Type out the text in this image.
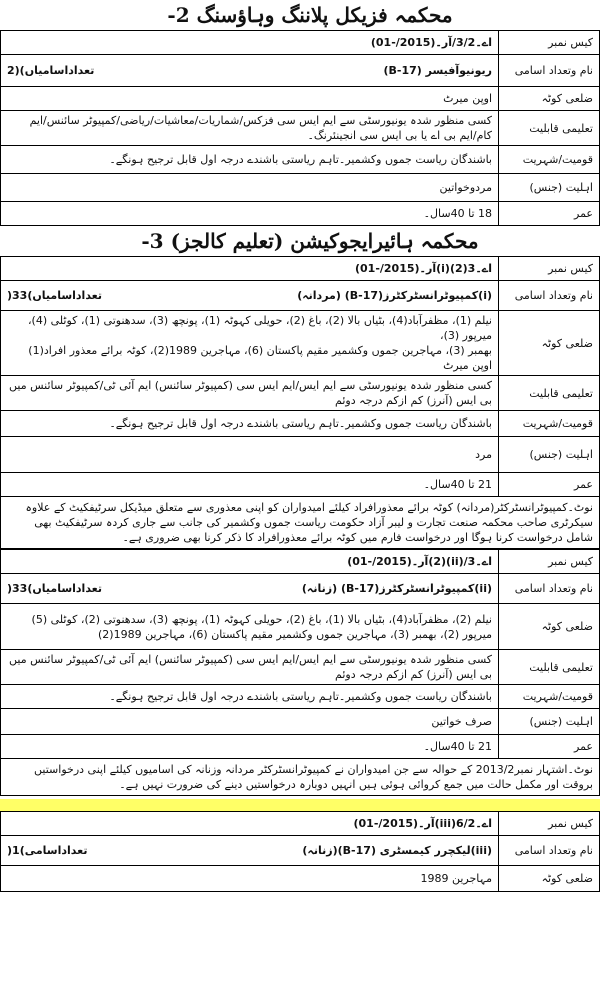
محکمہ فزیکل پلاننگ وہاؤسنگ -2
کیس نمبر	اے۔3/2/آر۔(2015/-01)
نام وتعداد اسامی	ریونیوآفیسر (B-17)
تعداداسامیاں)(2

ضلعی کوٹہ	اوپن میرٹ
تعلیمی قابلیت	کسی منظور شدہ یونیورسٹی سے ایم ایس سی فزکس/شماریات/معاشیات/ریاضی/کمپیوٹر سائنس/ایم کام/ایم بی اے یا بی ایس سی انجینئرنگ۔
قومیت/شہریت	باشندگان ریاست جموں وکشمیر۔تاہم ریاستی باشندے درجہ اول قابل ترجیح ہونگے۔
اہلیت (جنس)	مردوخواتین
عمر	18 تا 40سال۔
محکمہ ہائیرایجوکیشن (تعلیم کالجز) -3
کیس نمبر	اے۔3(2)(i)آر۔(2015/-01)
نام وتعداد اسامی	(i)کمپیوٹرانسٹرکٹرز(B-17) (مردانہ)
تعداداسامیاں)33(

ضلعی کوٹہ	نیلم (1)، مظفرآباد(4)، بٹیاں بالا (2)، باغ (2)، حویلی کہوٹہ (1)، پونچھ (3)، سدھنوتی (1)، کوٹلی (4)، میرپور (3)،
بھمبر (3)، مہاجرین جموں وکشمیر مقیم پاکستان (6)، مہاجرین 1989(2)، کوٹہ برائے معذور افراد(1) اوپن میرٹ

تعلیمی قابلیت	کسی منظور شدہ یونیورسٹی سے ایم ایس/ایم ایس سی (کمپیوٹر سائنس) ایم آئی ٹی/کمپیوٹر سائنس میں بی ایس (آنرز) کم ازکم درجہ دوئم
قومیت/شہریت	باشندگان ریاست جموں وکشمیر۔تاہم ریاستی باشندے درجہ اول قابل ترجیح ہونگے۔
اہلیت (جنس)	مرد
عمر	21 تا 40سال۔
نوٹ۔کمپیوٹرانسٹرکٹر(مردانہ) کوٹہ برائے معذورافراد کیلئے امیدواران کو اپنی معذوری سے متعلق میڈیکل سرٹیفکیٹ کے علاوہ سیکرٹری صاحب محکمہ صنعت تجارت و لیبر آزاد حکومت ریاست جموں وکشمیر کی جانب سے جاری کردہ سرٹیفکیٹ بھی شامل درخواست کرنا ہوگا اور درخواست فارم میں کوٹہ برائے معذورافراد کا ذکر کرنا بھی ضروری ہے۔
کیس نمبر	اے۔3/(ii)(2)آر۔(2015/-01)
نام وتعداد اسامی	(ii)کمپیوٹرانسٹرکٹرز(B-17) (زنانہ)
تعداداسامیاں)33(

ضلعی کوٹہ	نیلم (2)، مظفرآباد(4)، بٹیاں بالا (1)، باغ (2)، حویلی کہوٹہ (1)، پونچھ (3)، سدھنوتی (2)، کوٹلی (5)
میرپور (2)، بھمبر (3)، مہاجرین جموں وکشمیر مقیم پاکستان (6)، مہاجرین 1989(2)

تعلیمی قابلیت	کسی منظور شدہ یونیورسٹی سے ایم ایس/ایم ایس سی (کمپیوٹر سائنس) ایم آئی ٹی/کمپیوٹر سائنس میں بی ایس (آنرز) کم ازکم درجہ دوئم
قومیت/شہریت	باشندگان ریاست جموں وکشمیر۔تاہم ریاستی باشندے درجہ اول قابل ترجیح ہونگے۔
اہلیت (جنس)	صرف خواتین
عمر	21 تا 40سال۔
نوٹ۔اشتہار نمبر2013/2 کے حوالہ سے جن امیدواران نے کمپیوٹرانسٹرکٹر مردانہ وزنانہ کی اسامیوں کیلئے اپنی درخواستیں بروقت اور مکمل حالت میں جمع کروائی ہوئی ہیں انہیں دوبارہ درخواستیں دینے کی ضرورت نہیں ہے۔
کیس نمبر	اے۔6/2(iii)آر۔(2015/-01)
نام وتعداد اسامی	(iii)لیکچرر کیمسٹری (B-17)(زنانہ)
تعداداسامی)1(

ضلعی کوٹہ	مہاجرین 1989
